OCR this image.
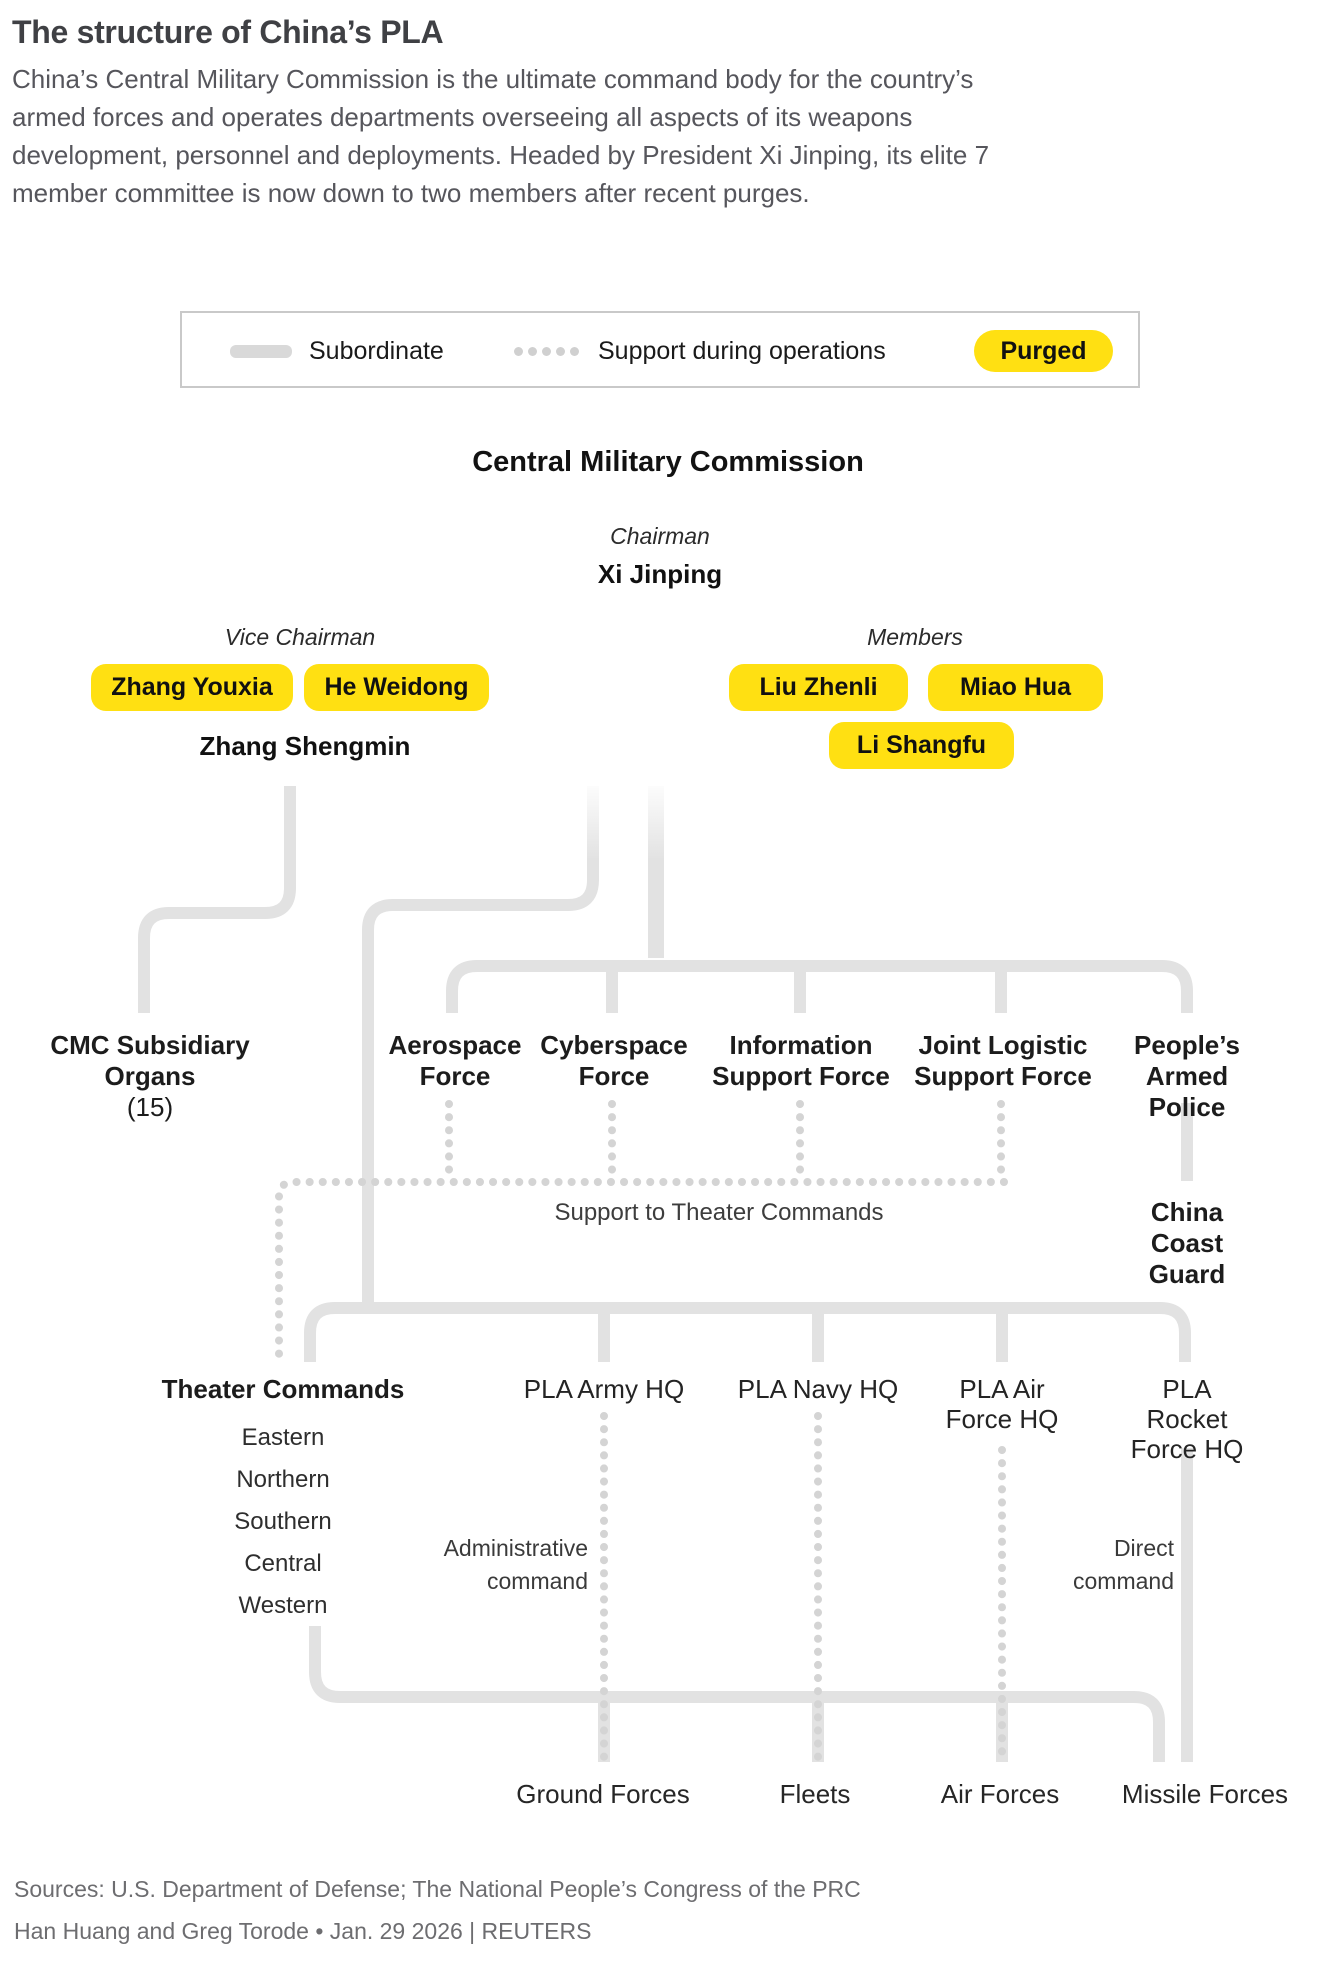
The structure of China’s PLA
China’s Central Military Commission is the ultimate command body for the country’s
armed forces and operates departments overseeing all aspects of its weapons
development, personnel and deployments. Headed by President Xi Jinping, its elite 7
member committee is now down to two members after recent purges.
Subordinate	Support during operations	Purged
Central Military Commission
Chairman
Xi Jinping
Vice Chairman	Members
Zhang Youxia	He Weidong	Liu Zhenli	Miao Hua
Zhang Shengmin	Li Shangfu
CMC Subsidiary
Organs
(15)
Aerospace
Force
Cyberspace
Force
Information
Support Force
Joint Logistic
Support Force
People’s
Armed Police
Support to Theater Commands	China Coast
Guard
Theater Commands	PLA Army HQ PLA Navy HQ	PLA Air
Force HQ
PLA Rocket
Force HQ
Eastern
Northern
Southern
Central
Western
Administrative
command
Direct
command
Ground Forces	Fleets	Air Forces Missile Forces
Sources: U.S. Department of Defense; The National People’s Congress of the PRC
Han Huang and Greg Torode • Jan. 29 2026 | REUTERS
